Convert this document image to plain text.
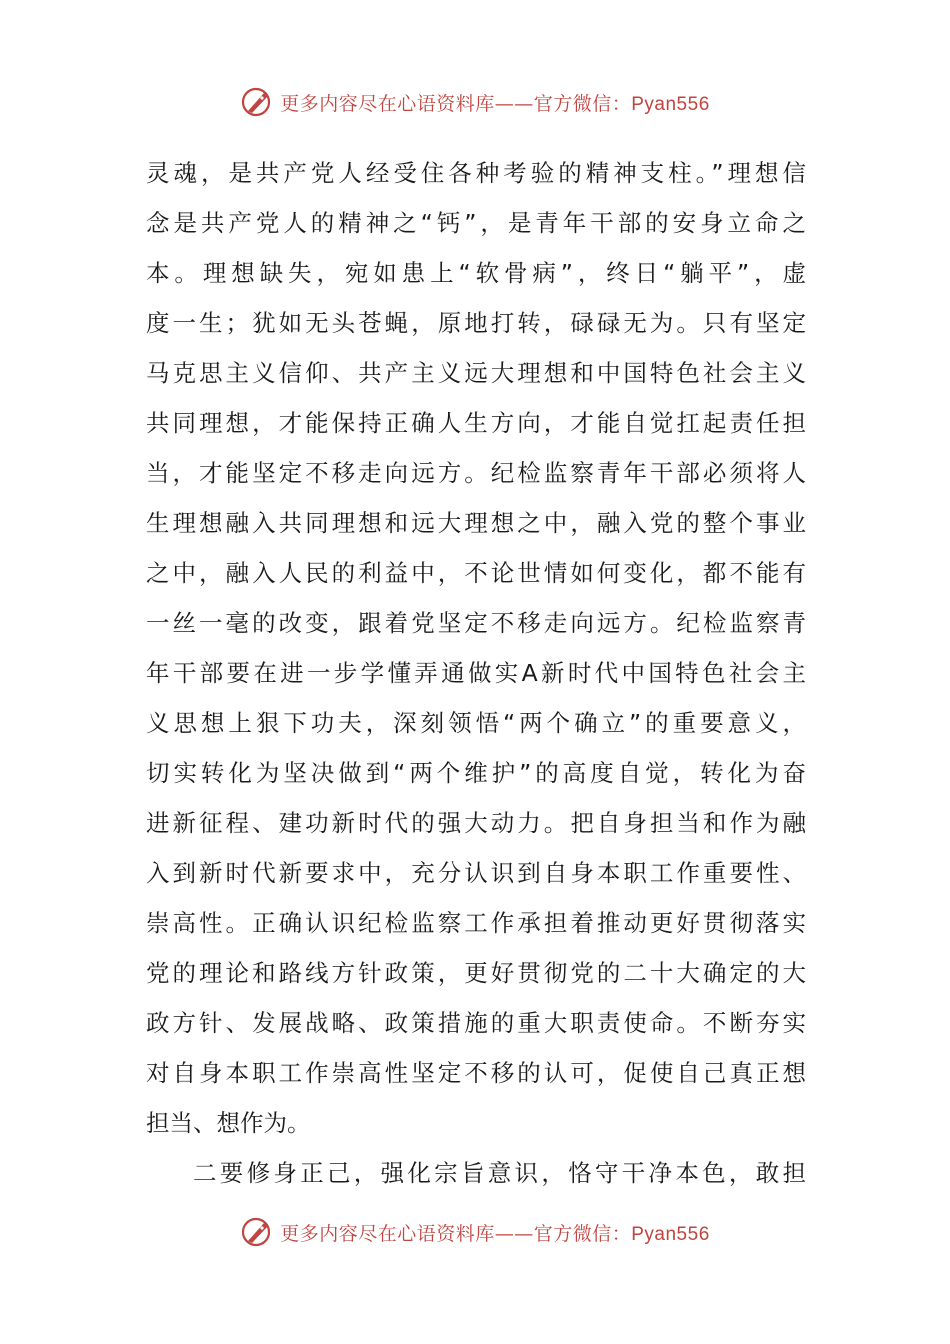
更多内容尽在心语资料库——官方微信：Pyan556
灵魂，是共产党人经受住各种考验的精神支柱。”理想信
念是共产党人的精神之“钙”，是青年干部的安身立命之
本。理想缺失，宛如患上“软骨病”，终日“躺平”，虚
度一生；犹如无头苍蝇，原地打转，碌碌无为。只有坚定
马克思主义信仰、共产主义远大理想和中国特色社会主义
共同理想，才能保持正确人生方向，才能自觉扛起责任担
当，才能坚定不移走向远方。纪检监察青年干部必须将人
生理想融入共同理想和远大理想之中，融入党的整个事业
之中，融入人民的利益中，不论世情如何变化，都不能有
一丝一毫的改变，跟着党坚定不移走向远方。纪检监察青
年干部要在进一步学懂弄通做实A新时代中国特色社会主
义思想上狠下功夫，深刻领悟“两个确立”的重要意义，
切实转化为坚决做到“两个维护”的高度自觉，转化为奋
进新征程、建功新时代的强大动力。把自身担当和作为融
入到新时代新要求中，充分认识到自身本职工作重要性、
崇高性。正确认识纪检监察工作承担着推动更好贯彻落实
党的理论和路线方针政策，更好贯彻党的二十大确定的大
政方针、发展战略、政策措施的重大职责使命。不断夯实
对自身本职工作崇高性坚定不移的认可，促使自己真正想
担当、想作为。
二要修身正己，强化宗旨意识，恪守干净本色，敢担
更多内容尽在心语资料库——官方微信：Pyan556
